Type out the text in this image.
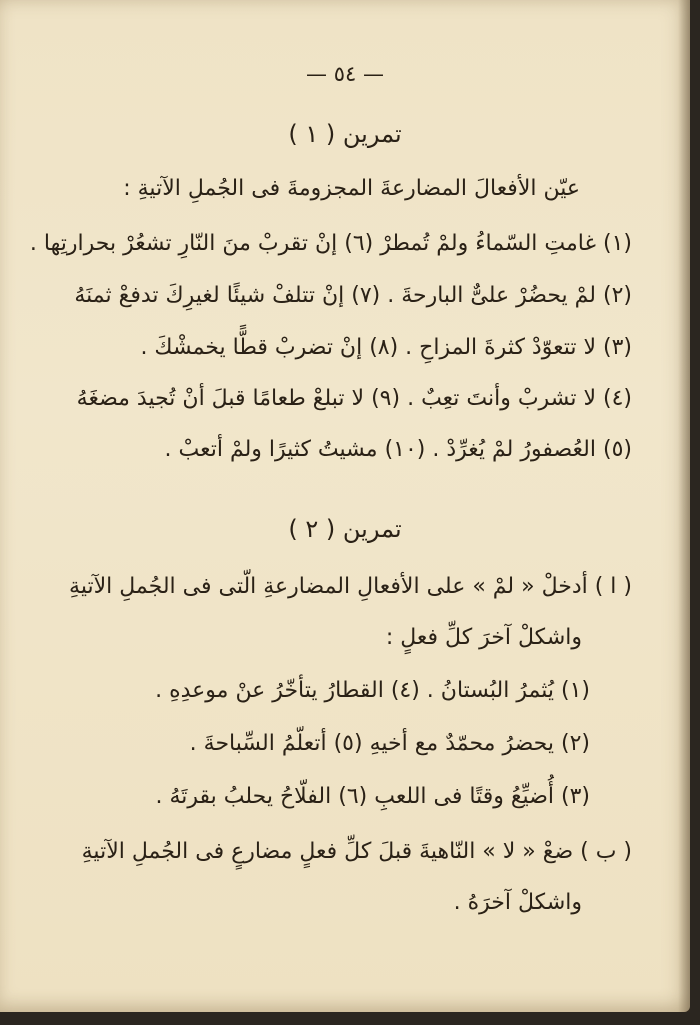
— ٥٤ —
تمرين ( ١ )
عيّن الأفعالَ المضارعةَ المجزومةَ فى الجُملِ الآتيةِ :
(١) غامتِ السّماءُ ولمْ تُمطرْ (٦) إنْ تقربْ منَ النّارِ تشعُرْ بحرارتِها .
(٢) لمْ يحضُرْ علىٌّ البارحةَ . (٧) إنْ تتلفْ شيئًا لغيرِكَ تدفعْ ثمنَهُ
(٣) لا تتعوّدْ كثرةَ المزاحِ . (٨) إنْ تضربْ قطًّا يخمشْكَ .
(٤) لا تشربْ وأنتَ تعِبٌ . (٩) لا تبلعْ طعامًا قبلَ أنْ تُجيدَ مضغَهُ
(٥) العُصفورُ لمْ يُغرِّدْ . (١٠) مشيتُ كثيرًا ولمْ أتعبْ .
تمرين ( ٢ )
( ا ) أدخلْ « لمْ » على الأفعالِ المضارعةِ الّتى فى الجُملِ الآتيةِ
واشكلْ آخرَ كلِّ فعلٍ :
(١) يُثمرُ البُستانُ . (٤) القطارُ يتأخّرُ عنْ موعدِهِ .
(٢) يحضرُ محمّدٌ مع أخيهِ (٥) أتعلّمُ السِّباحةَ .
(٣) أُضيِّعُ وقتًا فى اللعبِ (٦) الفلّاحُ يحلبُ بقرتَهُ .
( ب ) ضعْ « لا » النّاهيةَ قبلَ كلِّ فعلٍ مضارعٍ فى الجُملِ الآتيةِ
واشكلْ آخرَهُ .
